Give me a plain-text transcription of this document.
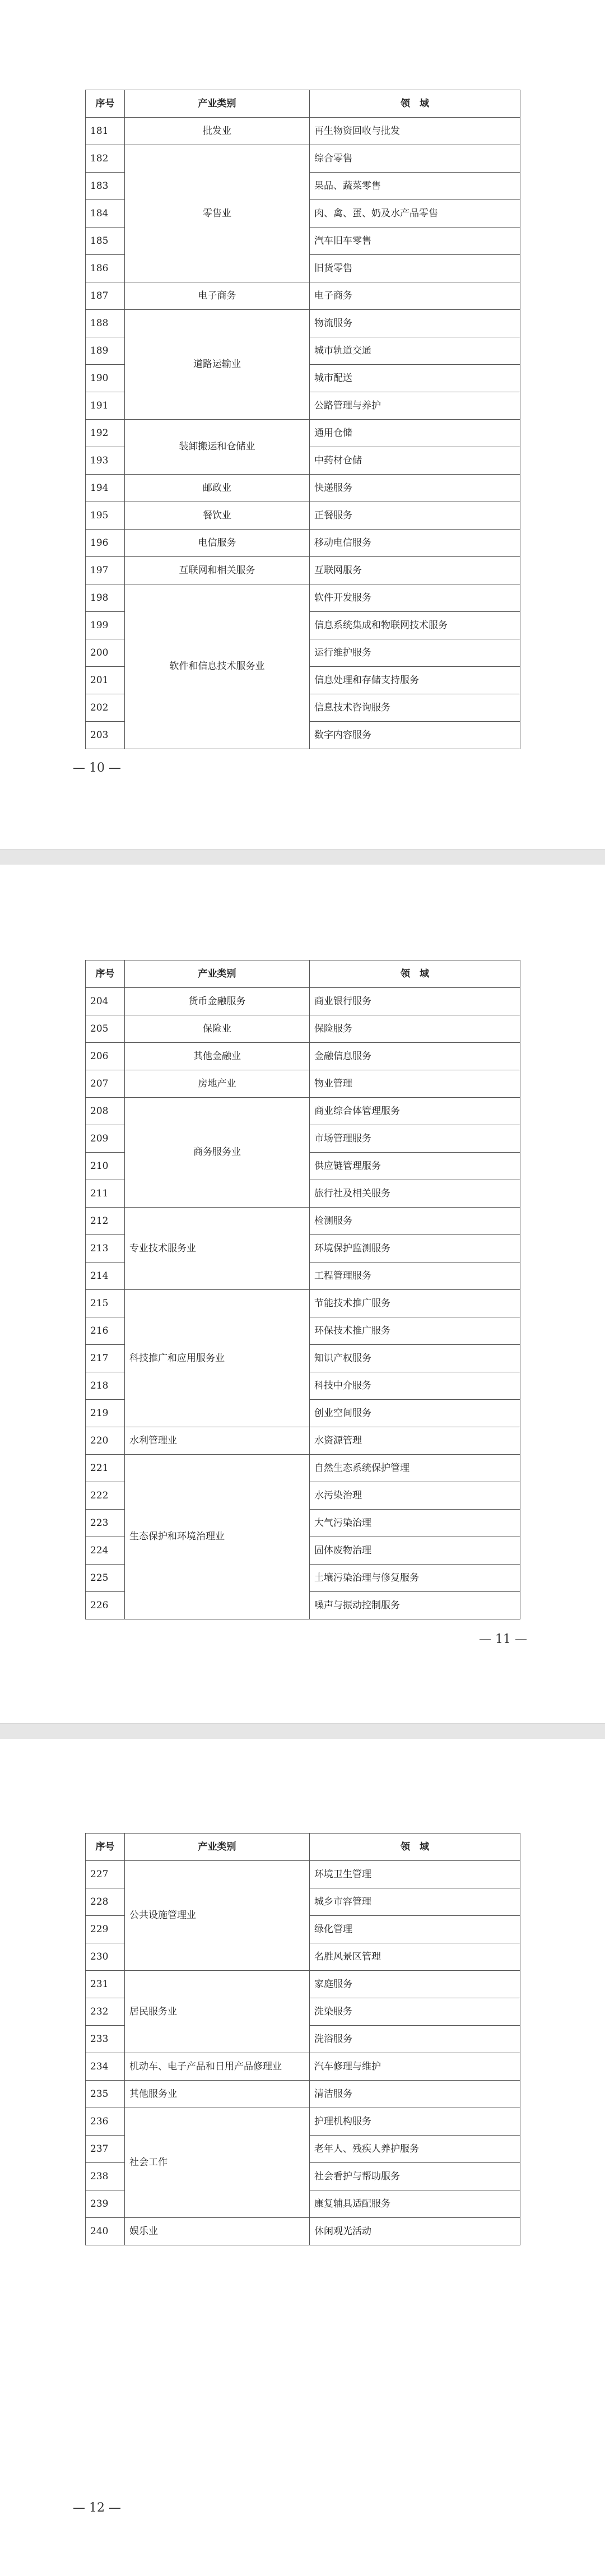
序号	产业类别	领　域
181	批发业	再生物资回收与批发
182	零售业	综合零售
183		果品、蔬菜零售
184		肉、禽、蛋、奶及水产品零售
185		汽车旧车零售
186		旧货零售
187	电子商务	电子商务
188	道路运输业	物流服务
189		城市轨道交通
190		城市配送
191		公路管理与养护
192	装卸搬运和仓储业	通用仓储
193		中药材仓储
194	邮政业	快递服务
195	餐饮业	正餐服务
196	电信服务	移动电信服务
197	互联网和相关服务	互联网服务
198	软件和信息技术服务业	软件开发服务
199		信息系统集成和物联网技术服务
200		运行维护服务
201		信息处理和存储支持服务
202		信息技术咨询服务
203		数字内容服务
— 10 —
序号	产业类别	领　域
204	货币金融服务	商业银行服务
205	保险业	保险服务
206	其他金融业	金融信息服务
207	房地产业	物业管理
208	商务服务业	商业综合体管理服务
209		市场管理服务
210		供应链管理服务
211		旅行社及相关服务
212	专业技术服务业	检测服务
213		环境保护监测服务
214		工程管理服务
215	科技推广和应用服务业	节能技术推广服务
216		环保技术推广服务
217		知识产权服务
218		科技中介服务
219		创业空间服务
220	水利管理业	水资源管理
221	生态保护和环境治理业	自然生态系统保护管理
222		水污染治理
223		大气污染治理
224		固体废物治理
225		土壤污染治理与修复服务
226		噪声与振动控制服务
— 11 —
序号	产业类别	领　域
227	公共设施管理业	环境卫生管理
228		城乡市容管理
229		绿化管理
230		名胜风景区管理
231	居民服务业	家庭服务
232		洗染服务
233		洗浴服务
234	机动车、电子产品和日用产品修理业	汽车修理与维护
235	其他服务业	清洁服务
236	社会工作	护理机构服务
237		老年人、残疾人养护服务
238		社会看护与帮助服务
239		康复辅具适配服务
240	娱乐业	休闲观光活动
— 12 —
